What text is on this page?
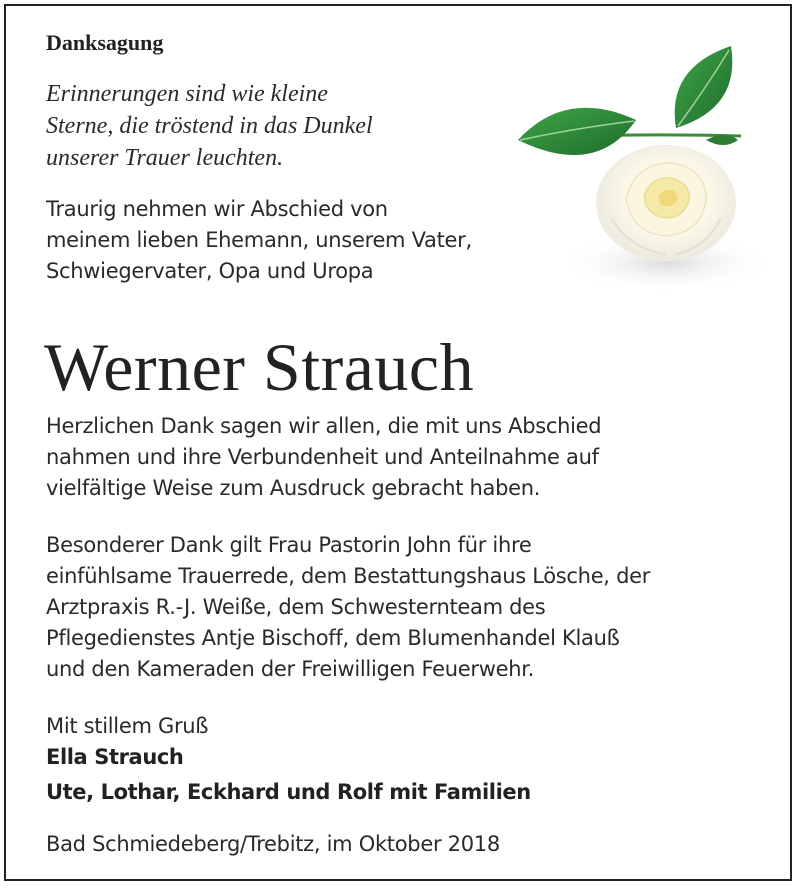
Danksagung

Erinnerungen sind wie kleine
Sterne, die tröstend in das Dunkel
unserer Trauer leuchten.

Traurig nehmen wir Abschied von
meinem lieben Ehemann, unserem Vater,
Schwiegervater, Opa und Uropa

Werner Strauch

Herzlichen Dank sagen wir allen, die mit uns Abschied
nahmen und ihre Verbundenheit und Anteilnahme auf
vielfältige Weise zum Ausdruck gebracht haben.

Besonderer Dank gilt Frau Pastorin John für ihre
einfühlsame Trauerrede, dem Bestattungshaus Lösche, der
Arztpraxis R.-J. Weiße, dem Schwesternteam des
Pflegedienstes Antje Bischoff, dem Blumenhandel Klauß
und den Kameraden der Freiwilligen Feuerwehr.

Mit stillem Gruß

Ella Strauch

Ute, Lothar, Eckhard und Rolf mit Familien

Bad Schmiedeberg/Trebitz, im Oktober 2018
